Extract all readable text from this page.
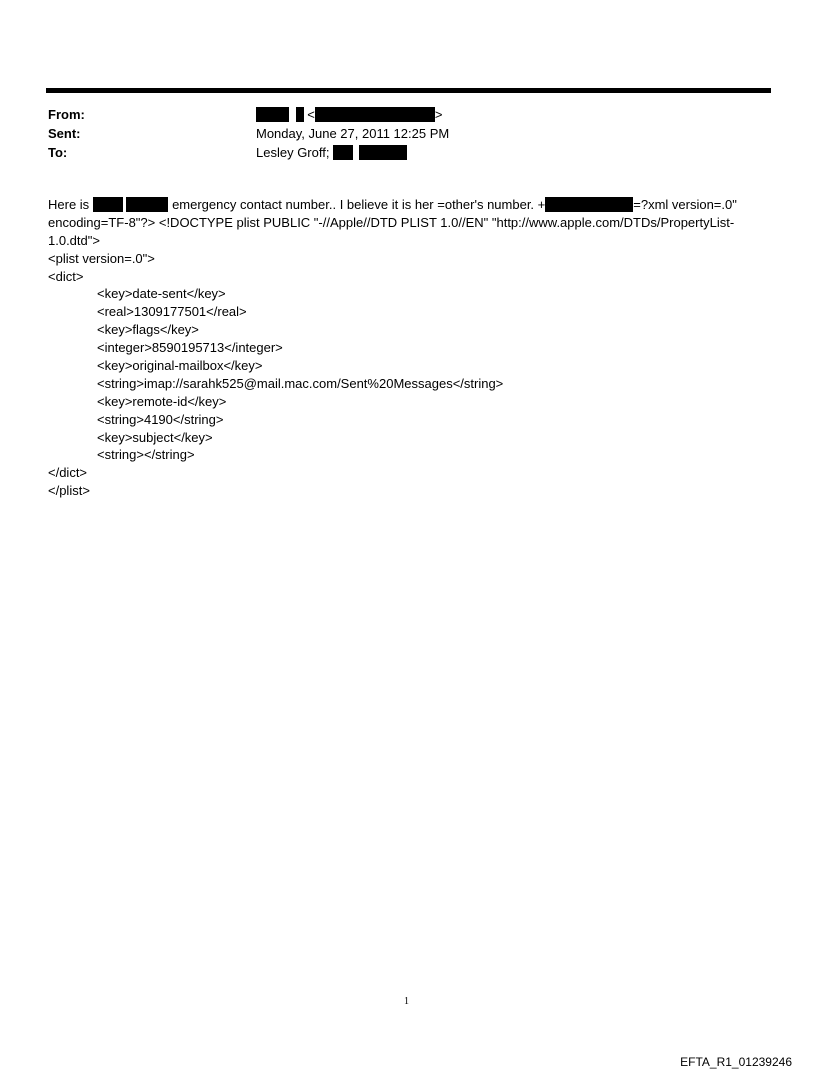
From:	<	>
Sent:	Monday, June 27, 2011 12:25 PM
To:	Lesley Groff;
Here is	emergency contact number.. I believe it is her =other's number. +	=?xml version=.0"
encoding=TF-8"?> <!DOCTYPE plist PUBLIC "-//Apple//DTD PLIST 1.0//EN" "http://www.apple.com/DTDs/PropertyList-
1.0.dtd">
<plist version=.0">
<dict>
<key>date-sent</key>
<real>1309177501</real>
<key>flags</key>
<integer>8590195713</integer>
<key>original-mailbox</key>
<string>imap://sarahk525@mail.mac.com/Sent%20Messages</string>
<key>remote-id</key>
<string>4190</string>
<key>subject</key>
<string></string>
</dict>
</plist>
1
EFTA_R1_01239246
